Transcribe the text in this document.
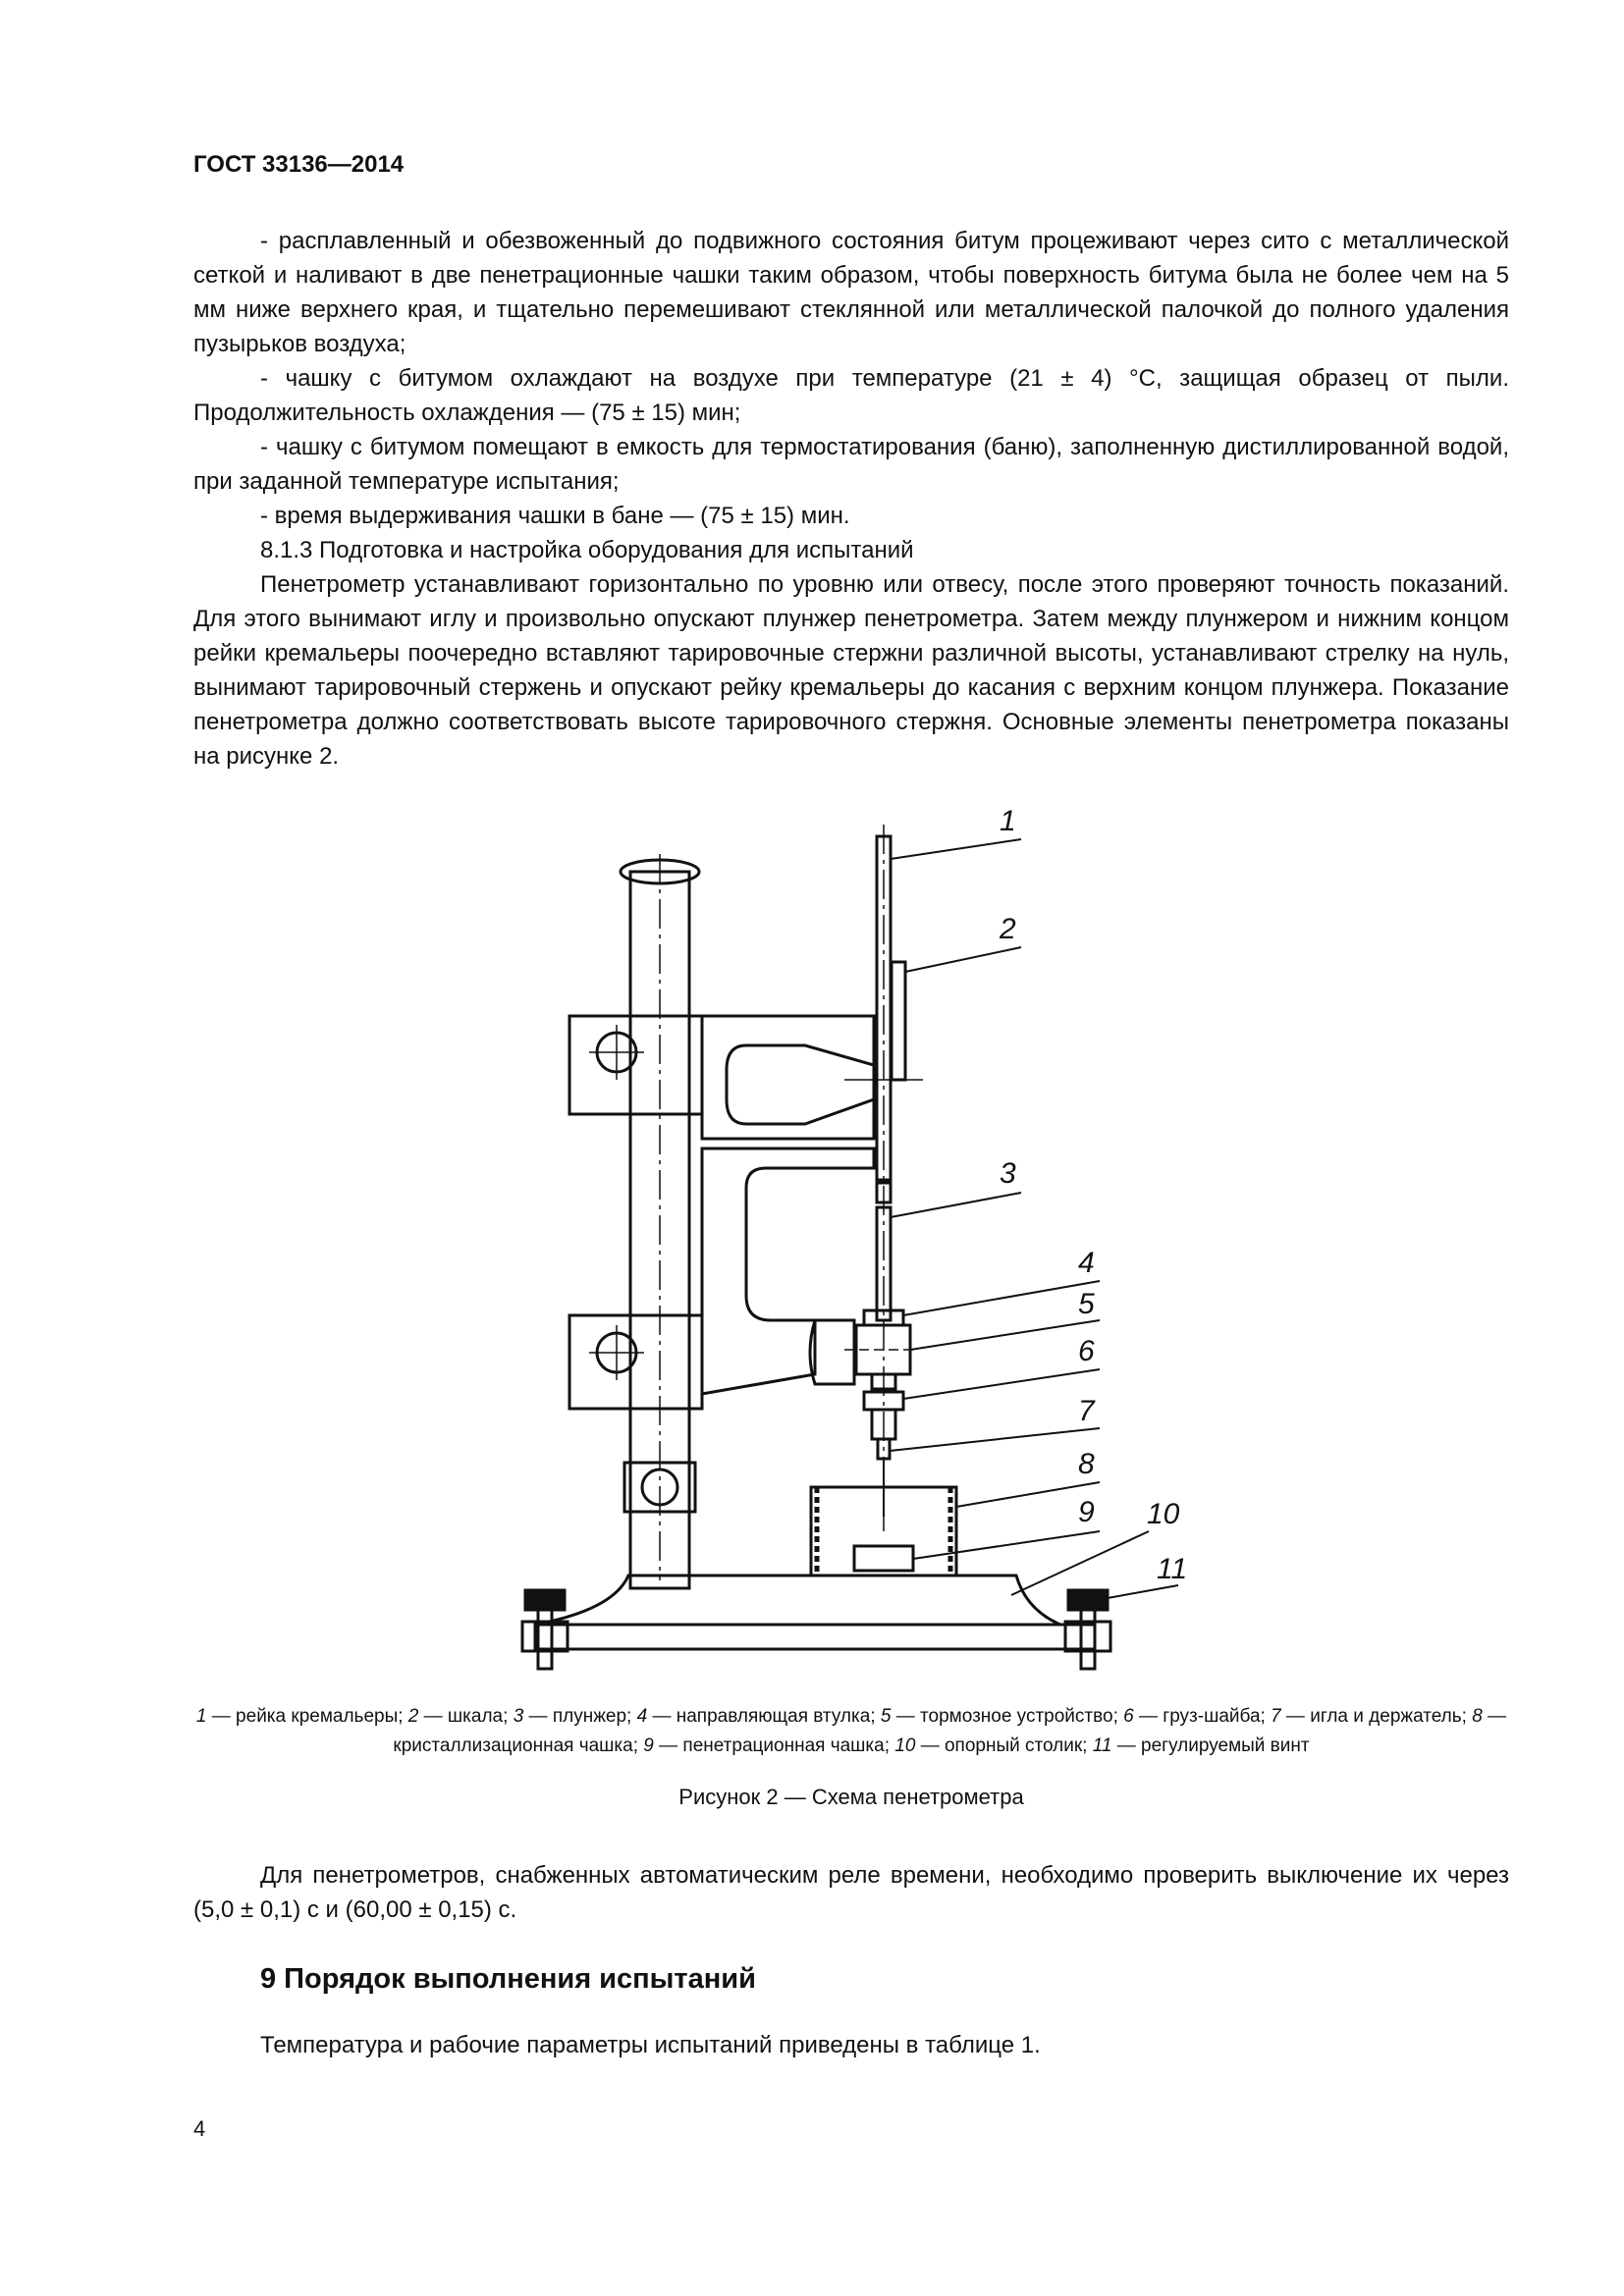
ГОСТ 33136—2014

- расплавленный и обезвоженный до подвижного состояния битум процеживают через сито с металлической сеткой и наливают в две пенетрационные чашки таким образом, чтобы поверхность битума была не более чем на 5 мм ниже верхнего края, и тщательно перемешивают стеклянной или металлической палочкой до полного удаления пузырьков воздуха;

- чашку с битумом охлаждают на воздухе при температуре (21 ± 4) °С, защищая образец от пыли. Продолжительность охлаждения — (75 ± 15) мин;

- чашку с битумом помещают в емкость для термостатирования (баню), заполненную дистиллированной водой, при заданной температуре испытания;

- время выдерживания чашки в бане — (75 ± 15) мин.

8.1.3 Подготовка и настройка оборудования для испытаний

Пенетрометр устанавливают горизонтально по уровню или отвесу, после этого проверяют точность показаний. Для этого вынимают иглу и произвольно опускают плунжер пенетрометра. Затем между плунжером и нижним концом рейки кремальеры поочередно вставляют тарировочные стержни различной высоты, устанавливают стрелку на нуль, вынимают тарировочный стержень и опускают рейку кремальеры до касания с верхним концом плунжера. Показание пенетрометра должно соответствовать высоте тарировочного стержня. Основные элементы пенетрометра показаны на рисунке 2.

1
2
3
4
5
6
7
8
9 10
11
1 — рейка кремальеры; 2 — шкала; 3 — плунжер; 4 — направляющая втулка; 5 — тормозное устройство; 6 — груз-шайба; 7 — игла и держатель; 8 — кристаллизационная чашка; 9 — пенетрационная чашка; 10 — опорный столик; 11 — регулируемый винт
Рисунок 2 — Схема пенетрометра

Для пенетрометров, снабженных автоматическим реле времени, необходимо проверить выключение их через (5,0 ± 0,1) с и (60,00 ± 0,15) с.

9 Порядок выполнения испытаний
Температура и рабочие параметры испытаний приведены в таблице 1.
4
